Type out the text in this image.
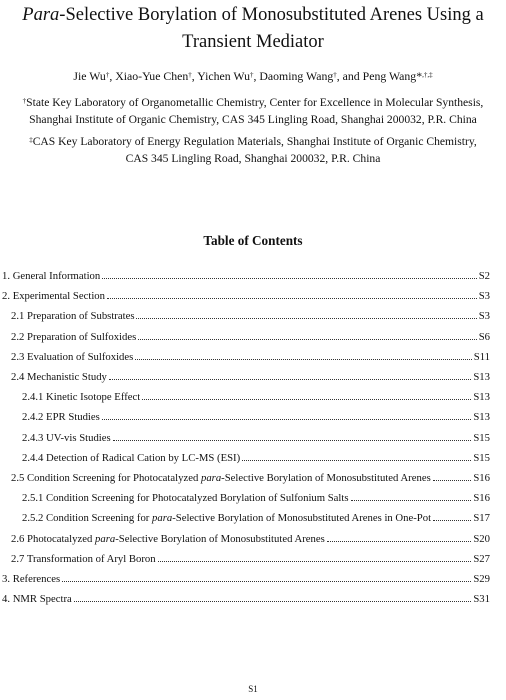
Para-Selective Borylation of Monosubstituted Arenes Using a
Transient Mediator
Jie Wu†, Xiao-Yue Chen†, Yichen Wu†, Daoming Wang†, and Peng Wang*,†,‡
†State Key Laboratory of Organometallic Chemistry, Center for Excellence in Molecular Synthesis,
Shanghai Institute of Organic Chemistry, CAS 345 Lingling Road, Shanghai 200032, P.R. China
‡CAS Key Laboratory of Energy Regulation Materials, Shanghai Institute of Organic Chemistry,
CAS 345 Lingling Road, Shanghai 200032, P.R. China
Table of Contents
1. General Information	S2
2. Experimental Section	S3
2.1 Preparation of Substrates	S3
2.2 Preparation of Sulfoxides	S6
2.3 Evaluation of Sulfoxides	S11
2.4 Mechanistic Study	S13
2.4.1 Kinetic Isotope Effect	S13
2.4.2 EPR Studies	S13
2.4.3 UV-vis Studies	S15
2.4.4 Detection of Radical Cation by LC-MS (ESI)	S15
2.5 Condition Screening for Photocatalyzed para-Selective Borylation of Monosubstituted Arenes	S16
2.5.1 Condition Screening for Photocatalyzed Borylation of Sulfonium Salts	S16
2.5.2 Condition Screening for para-Selective Borylation of Monosubstituted Arenes in One-Pot	S17
2.6 Photocatalyzed para-Selective Borylation of Monosubstituted Arenes	S20
2.7 Transformation of Aryl Boron	S27
3. References	S29
4. NMR Spectra	S31
S1
